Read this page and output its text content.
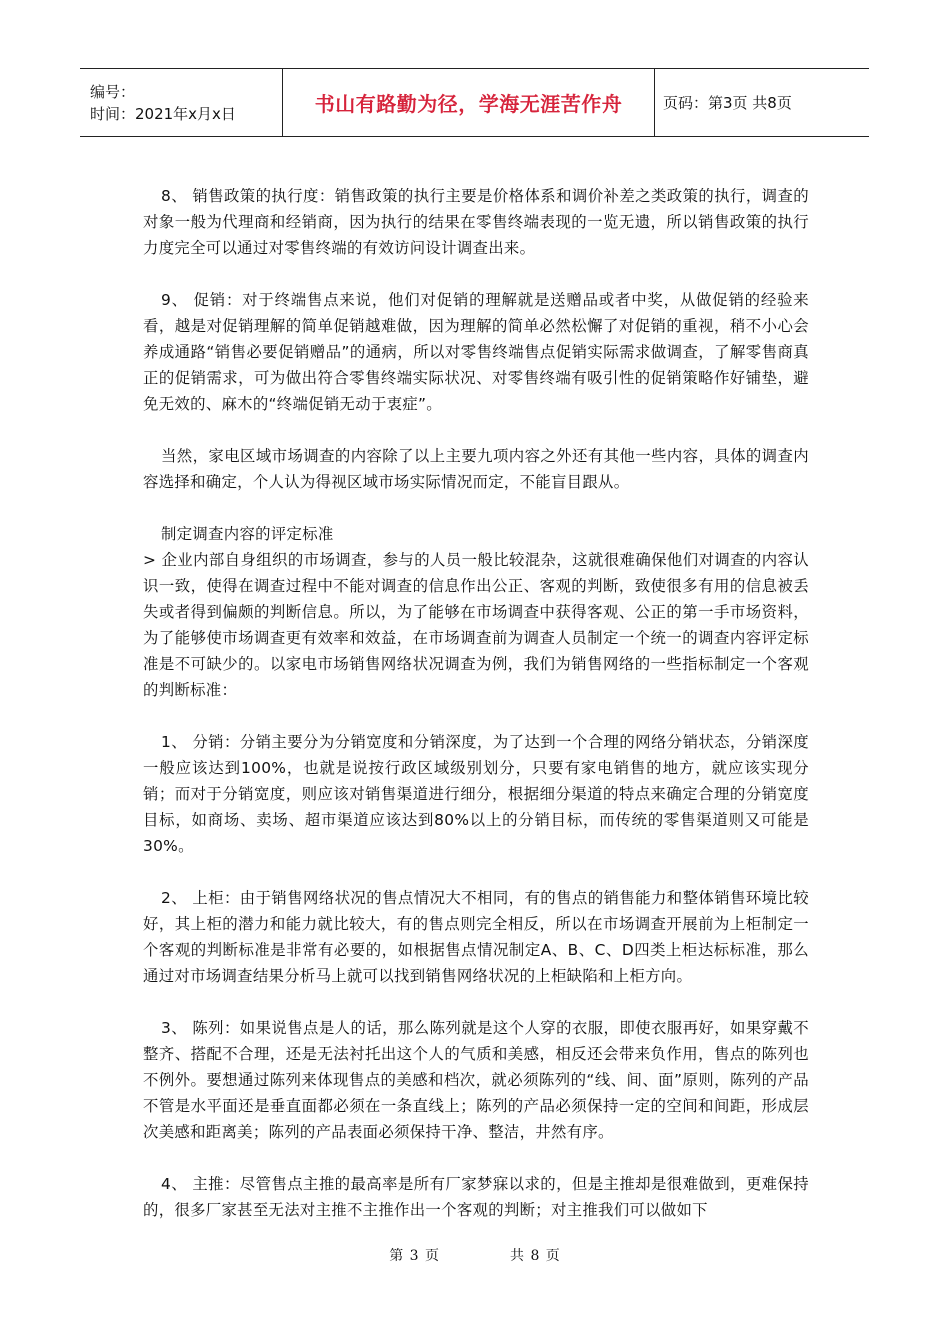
编号：
时间：2021年x月x日	书山有路勤为径，学海无涯苦作舟	页码：第3页 共8页

8、 销售政策的执行度：销售政策的执行主要是价格体系和调价补差之类政策的执行，调查的对象一般为代理商和经销商，因为执行的结果在零售终端表现的一览无遗，所以销售政策的执行力度完全可以通过对零售终端的有效访问设计调查出来。

9、 促销：对于终端售点来说，他们对促销的理解就是送赠品或者中奖，从做促销的经验来看，越是对促销理解的简单促销越难做，因为理解的简单必然松懈了对促销的重视，稍不小心会养成通路“销售必要促销赠品”的通病，所以对零售终端售点促销实际需求做调查，了解零售商真正的促销需求，可为做出符合零售终端实际状况、对零售终端有吸引性的促销策略作好铺垫，避免无效的、麻木的“终端促销无动于衷症”。

当然，家电区域市场调查的内容除了以上主要九项内容之外还有其他一些内容，具体的调查内容选择和确定，个人认为得视区域市场实际情况而定，不能盲目跟从。

制定调查内容的评定标准

> 企业内部自身组织的市场调查，参与的人员一般比较混杂，这就很难确保他们对调查的内容认识一致，使得在调查过程中不能对调查的信息作出公正、客观的判断，致使很多有用的信息被丢失或者得到偏颇的判断信息。所以，为了能够在市场调查中获得客观、公正的第一手市场资料，为了能够使市场调查更有效率和效益，在市场调查前为调查人员制定一个统一的调查内容评定标准是不可缺少的。以家电市场销售网络状况调查为例，我们为销售网络的一些指标制定一个客观的判断标准：

1、 分销：分销主要分为分销宽度和分销深度，为了达到一个合理的网络分销状态，分销深度一般应该达到100%，也就是说按行政区域级别划分，只要有家电销售的地方，就应该实现分销；而对于分销宽度，则应该对销售渠道进行细分，根据细分渠道的特点来确定合理的分销宽度目标，如商场、卖场、超市渠道应该达到80%以上的分销目标，而传统的零售渠道则又可能是30%。

2、 上柜：由于销售网络状况的售点情况大不相同，有的售点的销售能力和整体销售环境比较好，其上柜的潜力和能力就比较大，有的售点则完全相反，所以在市场调查开展前为上柜制定一个客观的判断标准是非常有必要的，如根据售点情况制定A、B、C、D四类上柜达标标准，那么通过对市场调查结果分析马上就可以找到销售网络状况的上柜缺陷和上柜方向。

3、 陈列：如果说售点是人的话，那么陈列就是这个人穿的衣服，即使衣服再好，如果穿戴不整齐、搭配不合理，还是无法衬托出这个人的气质和美感，相反还会带来负作用，售点的陈列也不例外。要想通过陈列来体现售点的美感和档次，就必须陈列的“线、间、面”原则，陈列的产品不管是水平面还是垂直面都必须在一条直线上；陈列的产品必须保持一定的空间和间距，形成层次美感和距离美；陈列的产品表面必须保持干净、整洁，井然有序。

4、 主推：尽管售点主推的最高率是所有厂家梦寐以求的，但是主推却是很难做到，更难保持的，很多厂家甚至无法对主推不主推作出一个客观的判断；对主推我们可以做如下

第 3 页	共 8 页
